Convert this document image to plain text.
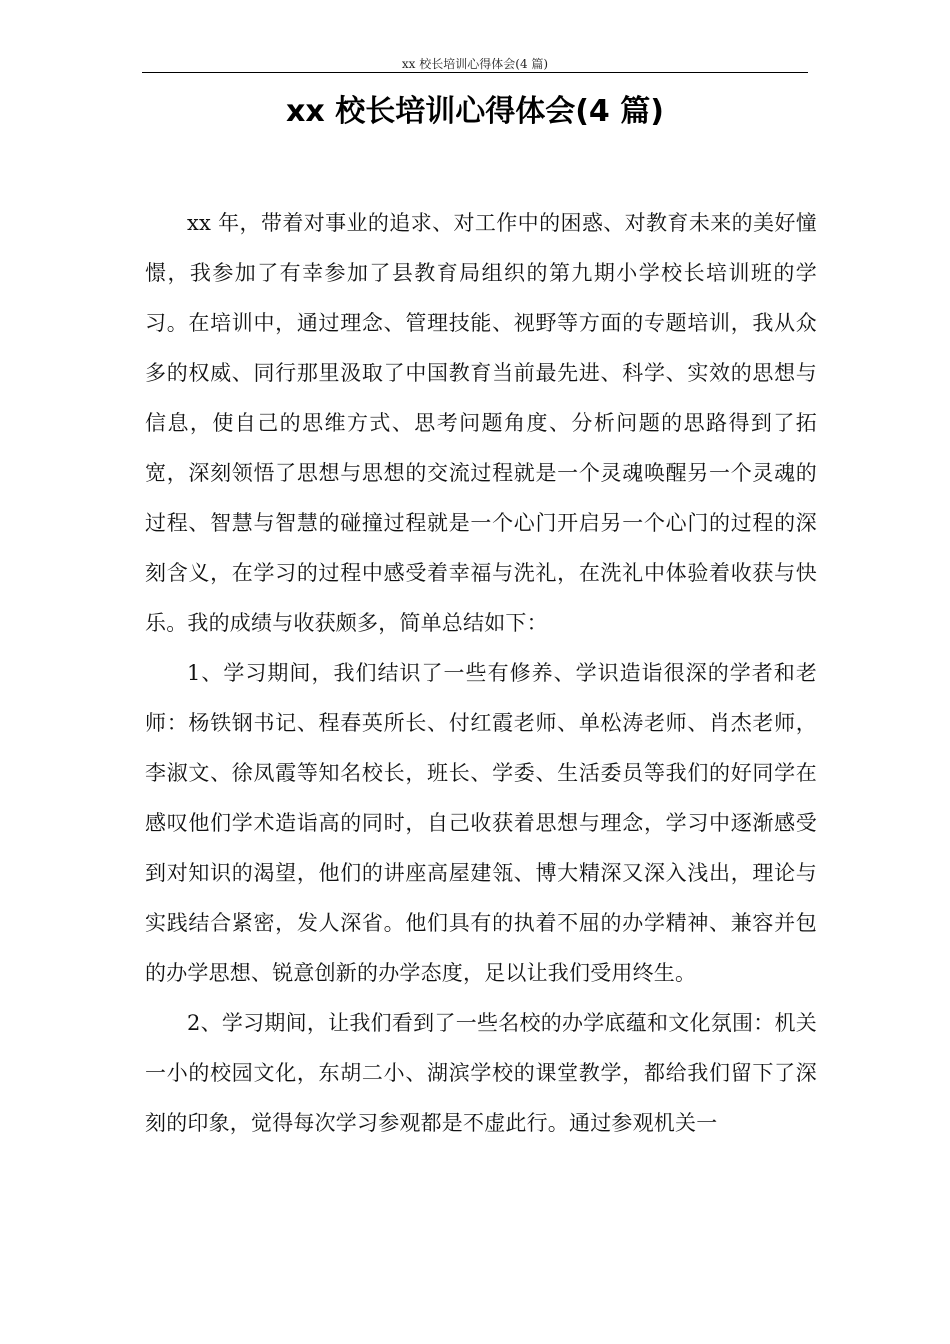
xx 校长培训心得体会(4 篇)
xx 校长培训心得体会(4 篇)

xx 年，带着对事业的追求、对工作中的困惑、对教育未来的美好憧憬，我参加了有幸参加了县教育局组织的第九期小学校长培训班的学习。在培训中，通过理念、管理技能、视野等方面的专题培训，我从众多的权威、同行那里汲取了中国教育当前最先进、科学、实效的思想与信息，使自己的思维方式、思考问题角度、分析问题的思路得到了拓宽，深刻领悟了思想与思想的交流过程就是一个灵魂唤醒另一个灵魂的过程、智慧与智慧的碰撞过程就是一个心门开启另一个心门的过程的深刻含义，在学习的过程中感受着幸福与洗礼，在洗礼中体验着收获与快乐。我的成绩与收获颇多，简单总结如下：

1、学习期间，我们结识了一些有修养、学识造诣很深的学者和老师：杨铁钢书记、程春英所长、付红霞老师、单松涛老师、肖杰老师，李淑文、徐凤霞等知名校长，班长、学委、生活委员等我们的好同学在感叹他们学术造诣高的同时，自己收获着思想与理念，学习中逐渐感受到对知识的渴望，他们的讲座高屋建瓴、博大精深又深入浅出，理论与实践结合紧密，发人深省。他们具有的执着不屈的办学精神、兼容并包的办学思想、锐意创新的办学态度，足以让我们受用终生。

2、学习期间，让我们看到了一些名校的办学底蕴和文化氛围：机关一小的校园文化，东胡二小、湖滨学校的课堂教学，都给我们留下了深刻的印象，觉得每次学习参观都是不虚此行。通过参观机关一
